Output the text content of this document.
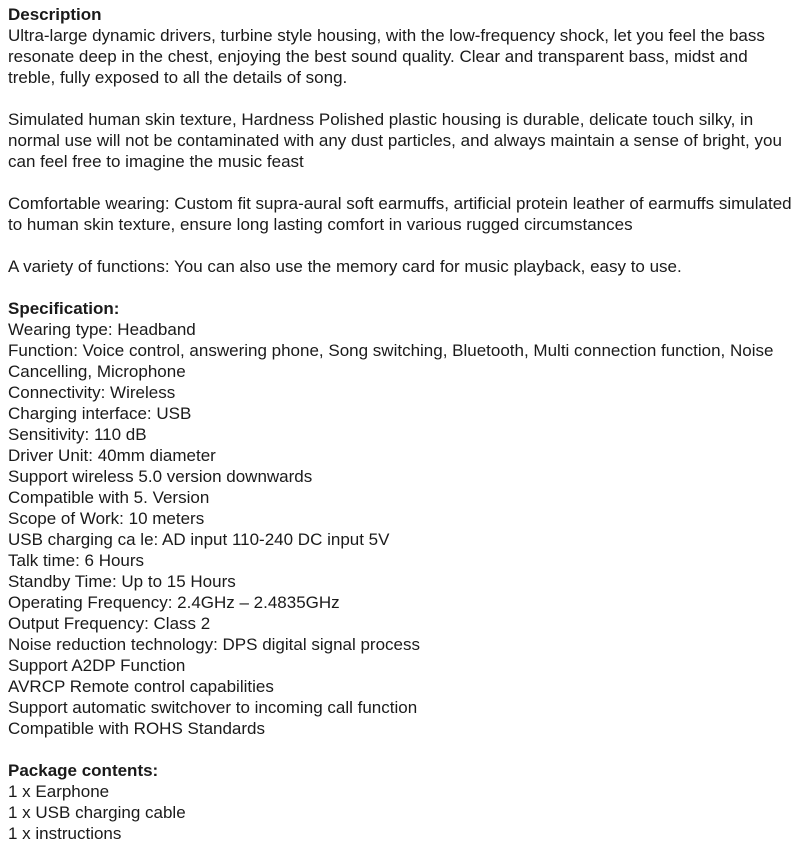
Description

Ultra-large dynamic drivers, turbine style housing, with the low-frequency shock, let you feel the bass resonate deep in the chest, enjoying the best sound quality. Clear and transparent bass, midst and treble, fully exposed to all the details of song.

Simulated human skin texture, Hardness Polished plastic housing is durable, delicate touch silky, in normal use will not be contaminated with any dust particles, and always maintain a sense of bright, you can feel free to imagine the music feast

Comfortable wearing: Custom fit supra-aural soft earmuffs, artificial protein leather of earmuffs simulated to human skin texture, ensure long lasting comfort in various rugged circumstances

A variety of functions: You can also use the memory card for music playback, easy to use.

Specification:
Wearing type: Headband
Function: Voice control, answering phone, Song switching, Bluetooth, Multi connection function, Noise Cancelling, Microphone
Connectivity: Wireless
Charging interface: USB
Sensitivity: 110 dB
Driver Unit: 40mm diameter
Support wireless 5.0 version downwards
Compatible with 5. Version
Scope of Work: 10 meters
USB charging ca le: AD input 110-240 DC input 5V
Talk time: 6 Hours
Standby Time: Up to 15 Hours
Operating Frequency: 2.4GHz – 2.4835GHz
Output Frequency: Class 2
Noise reduction technology: DPS digital signal process
Support A2DP Function
AVRCP Remote control capabilities
Support automatic switchover to incoming call function
Compatible with ROHS Standards
Package contents:
1 x Earphone
1 x USB charging cable
1 x instructions
